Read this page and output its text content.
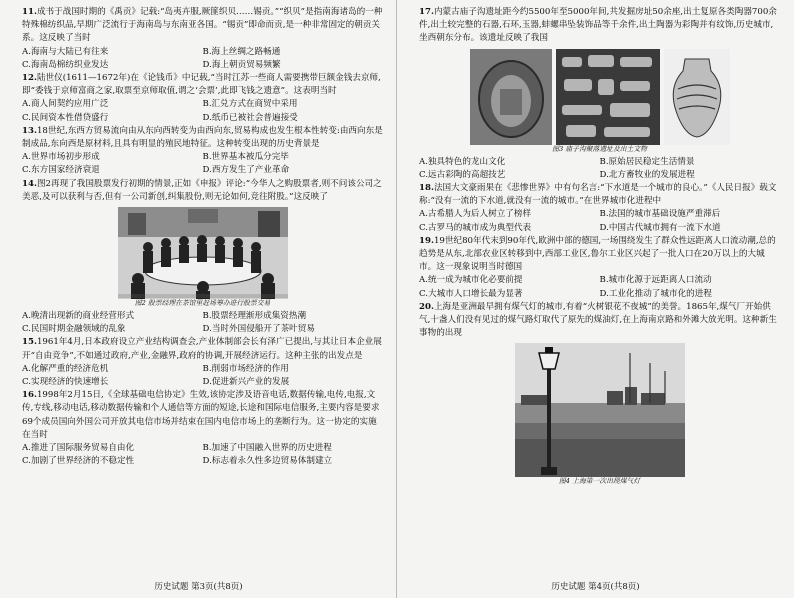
11.成书于战国时期的《禹贡》记载:“岛夷卉服,厥篚织贝……锡贡。”“织贝”是指南海诸岛的一种特殊棉纺织品,早期广泛流行于海南岛与东南亚各国。“锡贡”即命而贡,是一种非常固定的朝贡关系。这反映了当时
A.海南与大陆已有往来	B.海上丝绸之路畅通
C.海南岛棉纺织业发达	D.海上朝贡贸易频繁
12.陆世仪(1611—1672年)在《论钱币》中记载,“当时江苏一些商人需要携带巨额金钱去京师,即“委钱于京师富商之家,取票至京师取值,谓之‘会票’,此即飞钱之遗意”。这表明当时
A.商人间契约应用广泛	B.汇兑方式在商贸中采用
C.民间资本性借贷盛行	D.纸币已被社会普遍接受
13.18世纪,东西方贸易流向由从东向西转变为由西向东,贸易构成也发生根本性转变:由西向东是制成品,东向西是原材料,且具有明显的殖民地特征。这种转变出现的历史背景是
A.世界市场初步形成	B.世界基本被瓜分完毕
C.东方国家经济衰退	D.西方发生了产业革命
14.图2再现了我国股票发行初期的情景,正如《申报》评论:“今华人之购股票者,则不问该公司之美恶,及可以获利与否,但有一公司新创,纠集股份,则无论如何,竞往附股。”这反映了
图2 股票经理在茶馆里赶场筹办进行股票交易
A.晚清出现新的商业经营形式	B.股票经理渐形成集资热潮
C.民国时期金融领域的乱象	D.当时外国侵船开了茶叶贸易
15.1961年4月,日本政府设立产业结构调查会,产业体制部会长有泽广已提出,与其让日本企业展开“自由竞争”,不如通过政府,产业,金融界,政府的协调,开展经济运行。这种主张的出发点是
A.化解严重的经济危机	B.削弱市场经济的作用
C.实现经济的快速增长	D.促进新兴产业的发展
16.1998年2月15日,《全球基础电信协定》生效,该协定涉及语音电话,数据传输,电传,电报,文传,专线,移动电话,移动数据传输和个人通信等方面的短途,长途和国际电信服务,主要内容是要求69个成员国向外国公司开放其电信市场并结束在国内电信市场上的垄断行为。这一协定的实施在当时
A.推进了国际服务贸易自由化	B.加速了中国融入世界的历史进程
C.加剧了世界经济的不稳定性	D.标志着永久性多边贸易体制建立
历史试题 第3页(共8页)
17.内蒙古庙子沟遗址距今约5500年至5000年间,共发掘房址50余座,出土复原各类陶器700余件,出土较完整的石器,石环,玉器,蚌螺串坠装饰品等千余件,出土陶器为彩陶并有纹饰,历史城市,坐西朝东分布。该遗址反映了我国
图3 庙子沟聚落遗址及出土文物
A.独具特色的龙山文化	B.原始居民稳定生活情景
C.远古彩陶的高超技艺	D.北方畜牧业的发展进程
18.法国大文豪雨果在《悲惨世界》中有句名言:“下水道是一个城市的良心。”《人民日报》载文称:“没有一流的下水道,就没有一流的城市。”在世界城市化进程中
A.古希腊人为后人树立了榜样	B.法国的城市基础设施严重滞后
C.古罗马的城市成为典型代表	D.中国古代城市拥有一流下水道
19.19世纪80年代末到90年代,欧洲中部的德国,一场围绕发生了群众性远距离人口流动潮,总的趋势是从东,北部农业区转移到中,西部工业区,鲁尔工业区兴起了一批人口在20万以上的大城市。这一现象说明当时德国
A.统一成为城市化必要前提	B.城市化源于远距离人口流动
C.大城市人口增长最为显著	D.工业化推动了城市化的进程
20.上海是亚洲最早拥有煤气灯的城市,有着“火树银花不夜城”的美誉。1865年,煤气厂开始供气,十盏人们没有见过的煤气路灯取代了原先的煤油灯,在上海南京路和外滩大放光明。这种新生事物的出现
图4 上海第一次出现煤气灯
历史试题 第4页(共8页)
